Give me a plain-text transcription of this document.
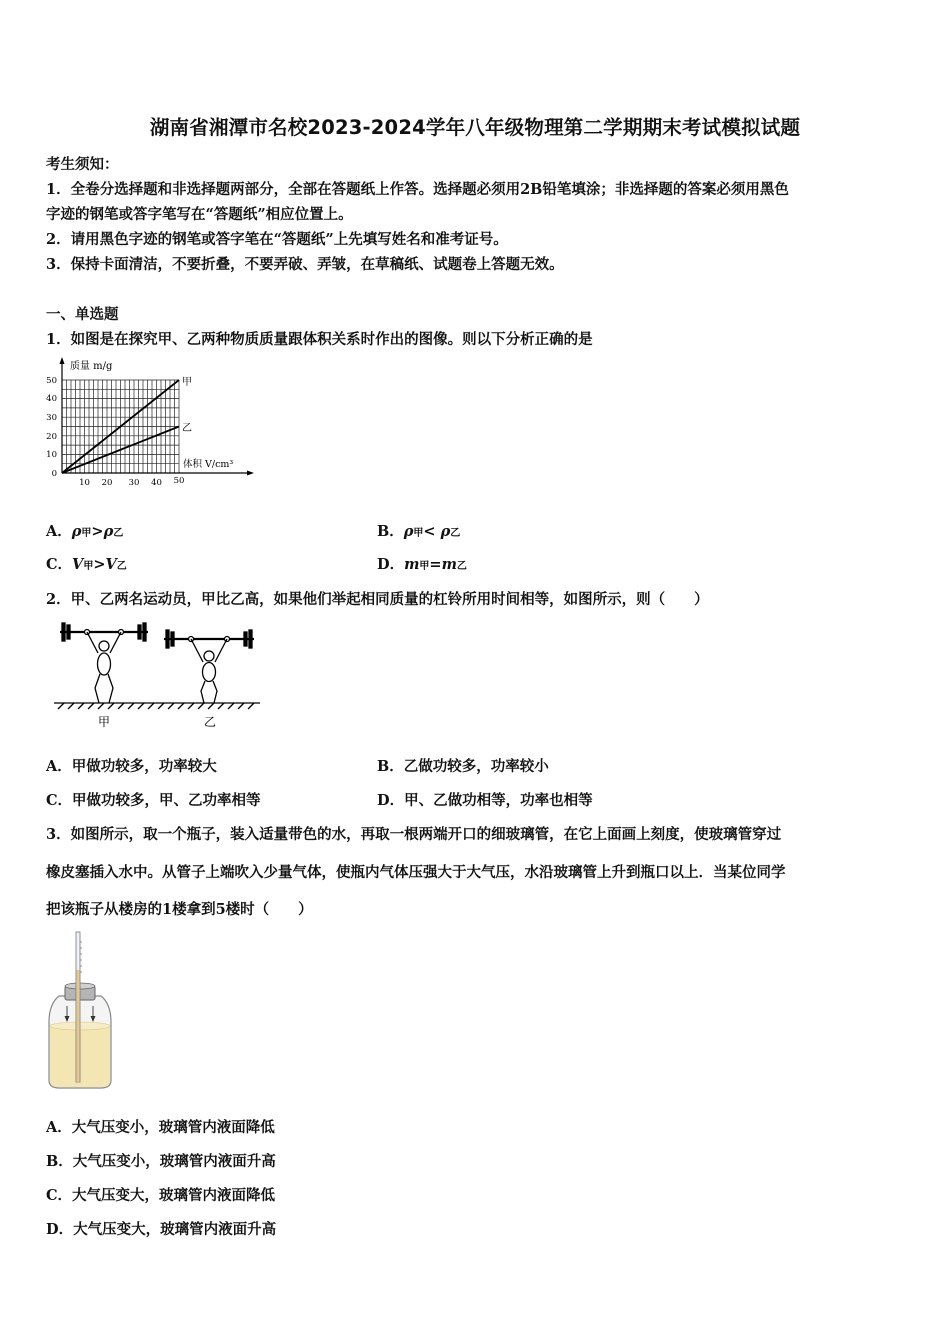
湖南省湘潭市名校2023-2024学年八年级物理第二学期期末考试模拟试题
考生须知：
1．全卷分选择题和非选择题两部分，全部在答题纸上作答。选择题必须用2B铅笔填涂；非选择题的答案必须用黑色
字迹的钢笔或答字笔写在“答题纸”相应位置上。
2．请用黑色字迹的钢笔或答字笔在“答题纸”上先填写姓名和准考证号。
3．保持卡面清洁，不要折叠，不要弄破、弄皱，在草稿纸、试题卷上答题无效。
一、单选题
1．如图是在探究甲、乙两种物质质量跟体积关系时作出的图像。则以下分析正确的是
质量 m/g
体积 V/cm³
甲
乙
0
10
20
30
40
50
10 20 30 40 50
A．ρ甲>ρ乙	B．ρ甲< ρ乙
C．V甲>V乙	D．m甲=m乙
2．甲、乙两名运动员，甲比乙高，如果他们举起相同质量的杠铃所用时间相等，如图所示，则（　　）
甲	乙
A．甲做功较多，功率较大	B．乙做功较多，功率较小
C．甲做功较多，甲、乙功率相等	D．甲、乙做功相等，功率也相等
3．如图所示，取一个瓶子，装入适量带色的水，再取一根两端开口的细玻璃管，在它上面画上刻度，使玻璃管穿过
橡皮塞插入水中。从管子上端吹入少量气体，使瓶内气体压强大于大气压，水沿玻璃管上升到瓶口以上．当某位同学
把该瓶子从楼房的1楼拿到5楼时（　　）
A．大气压变小，玻璃管内液面降低
B．大气压变小，玻璃管内液面升高
C．大气压变大，玻璃管内液面降低
D．大气压变大，玻璃管内液面升高
